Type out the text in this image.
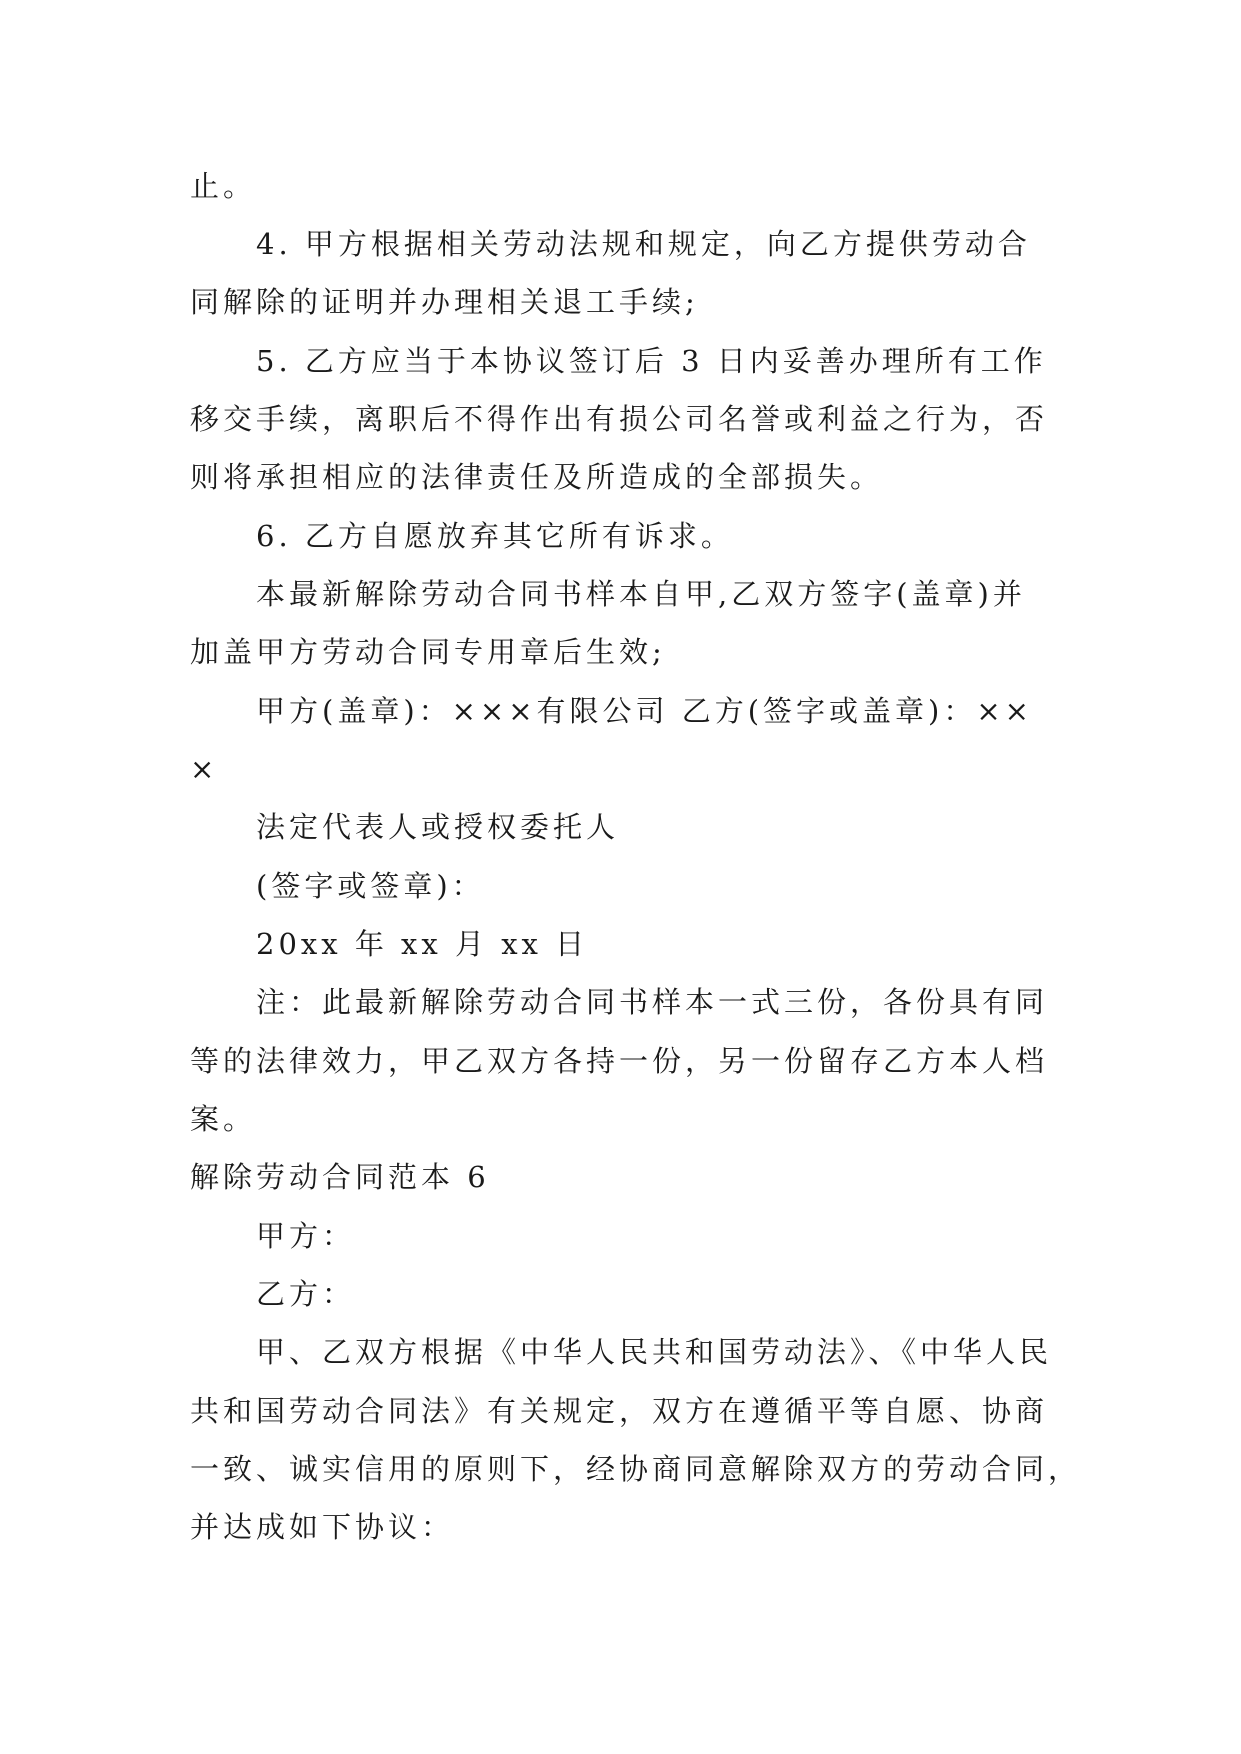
止。
4. 甲方根据相关劳动法规和规定，向乙方提供劳动合
同解除的证明并办理相关退工手续;
5. 乙方应当于本协议签订后 3 日内妥善办理所有工作
移交手续，离职后不得作出有损公司名誉或利益之行为，否
则将承担相应的法律责任及所造成的全部损失。
6. 乙方自愿放弃其它所有诉求。
本最新解除劳动合同书样本自甲,乙双方签字(盖章)并
加盖甲方劳动合同专用章后生效;
甲方(盖章)：×××有限公司 乙方(签字或盖章)：××
×
法定代表人或授权委托人
(签字或签章)：
20xx 年 xx 月 xx 日
注：此最新解除劳动合同书样本一式三份，各份具有同
等的法律效力，甲乙双方各持一份，另一份留存乙方本人档
案。
解除劳动合同范本 6
甲方：
乙方：
甲、乙双方根据《中华人民共和国劳动法》、《中华人民
共和国劳动合同法》有关规定，双方在遵循平等自愿、协商
一致、诚实信用的原则下，经协商同意解除双方的劳动合同，
并达成如下协议：
